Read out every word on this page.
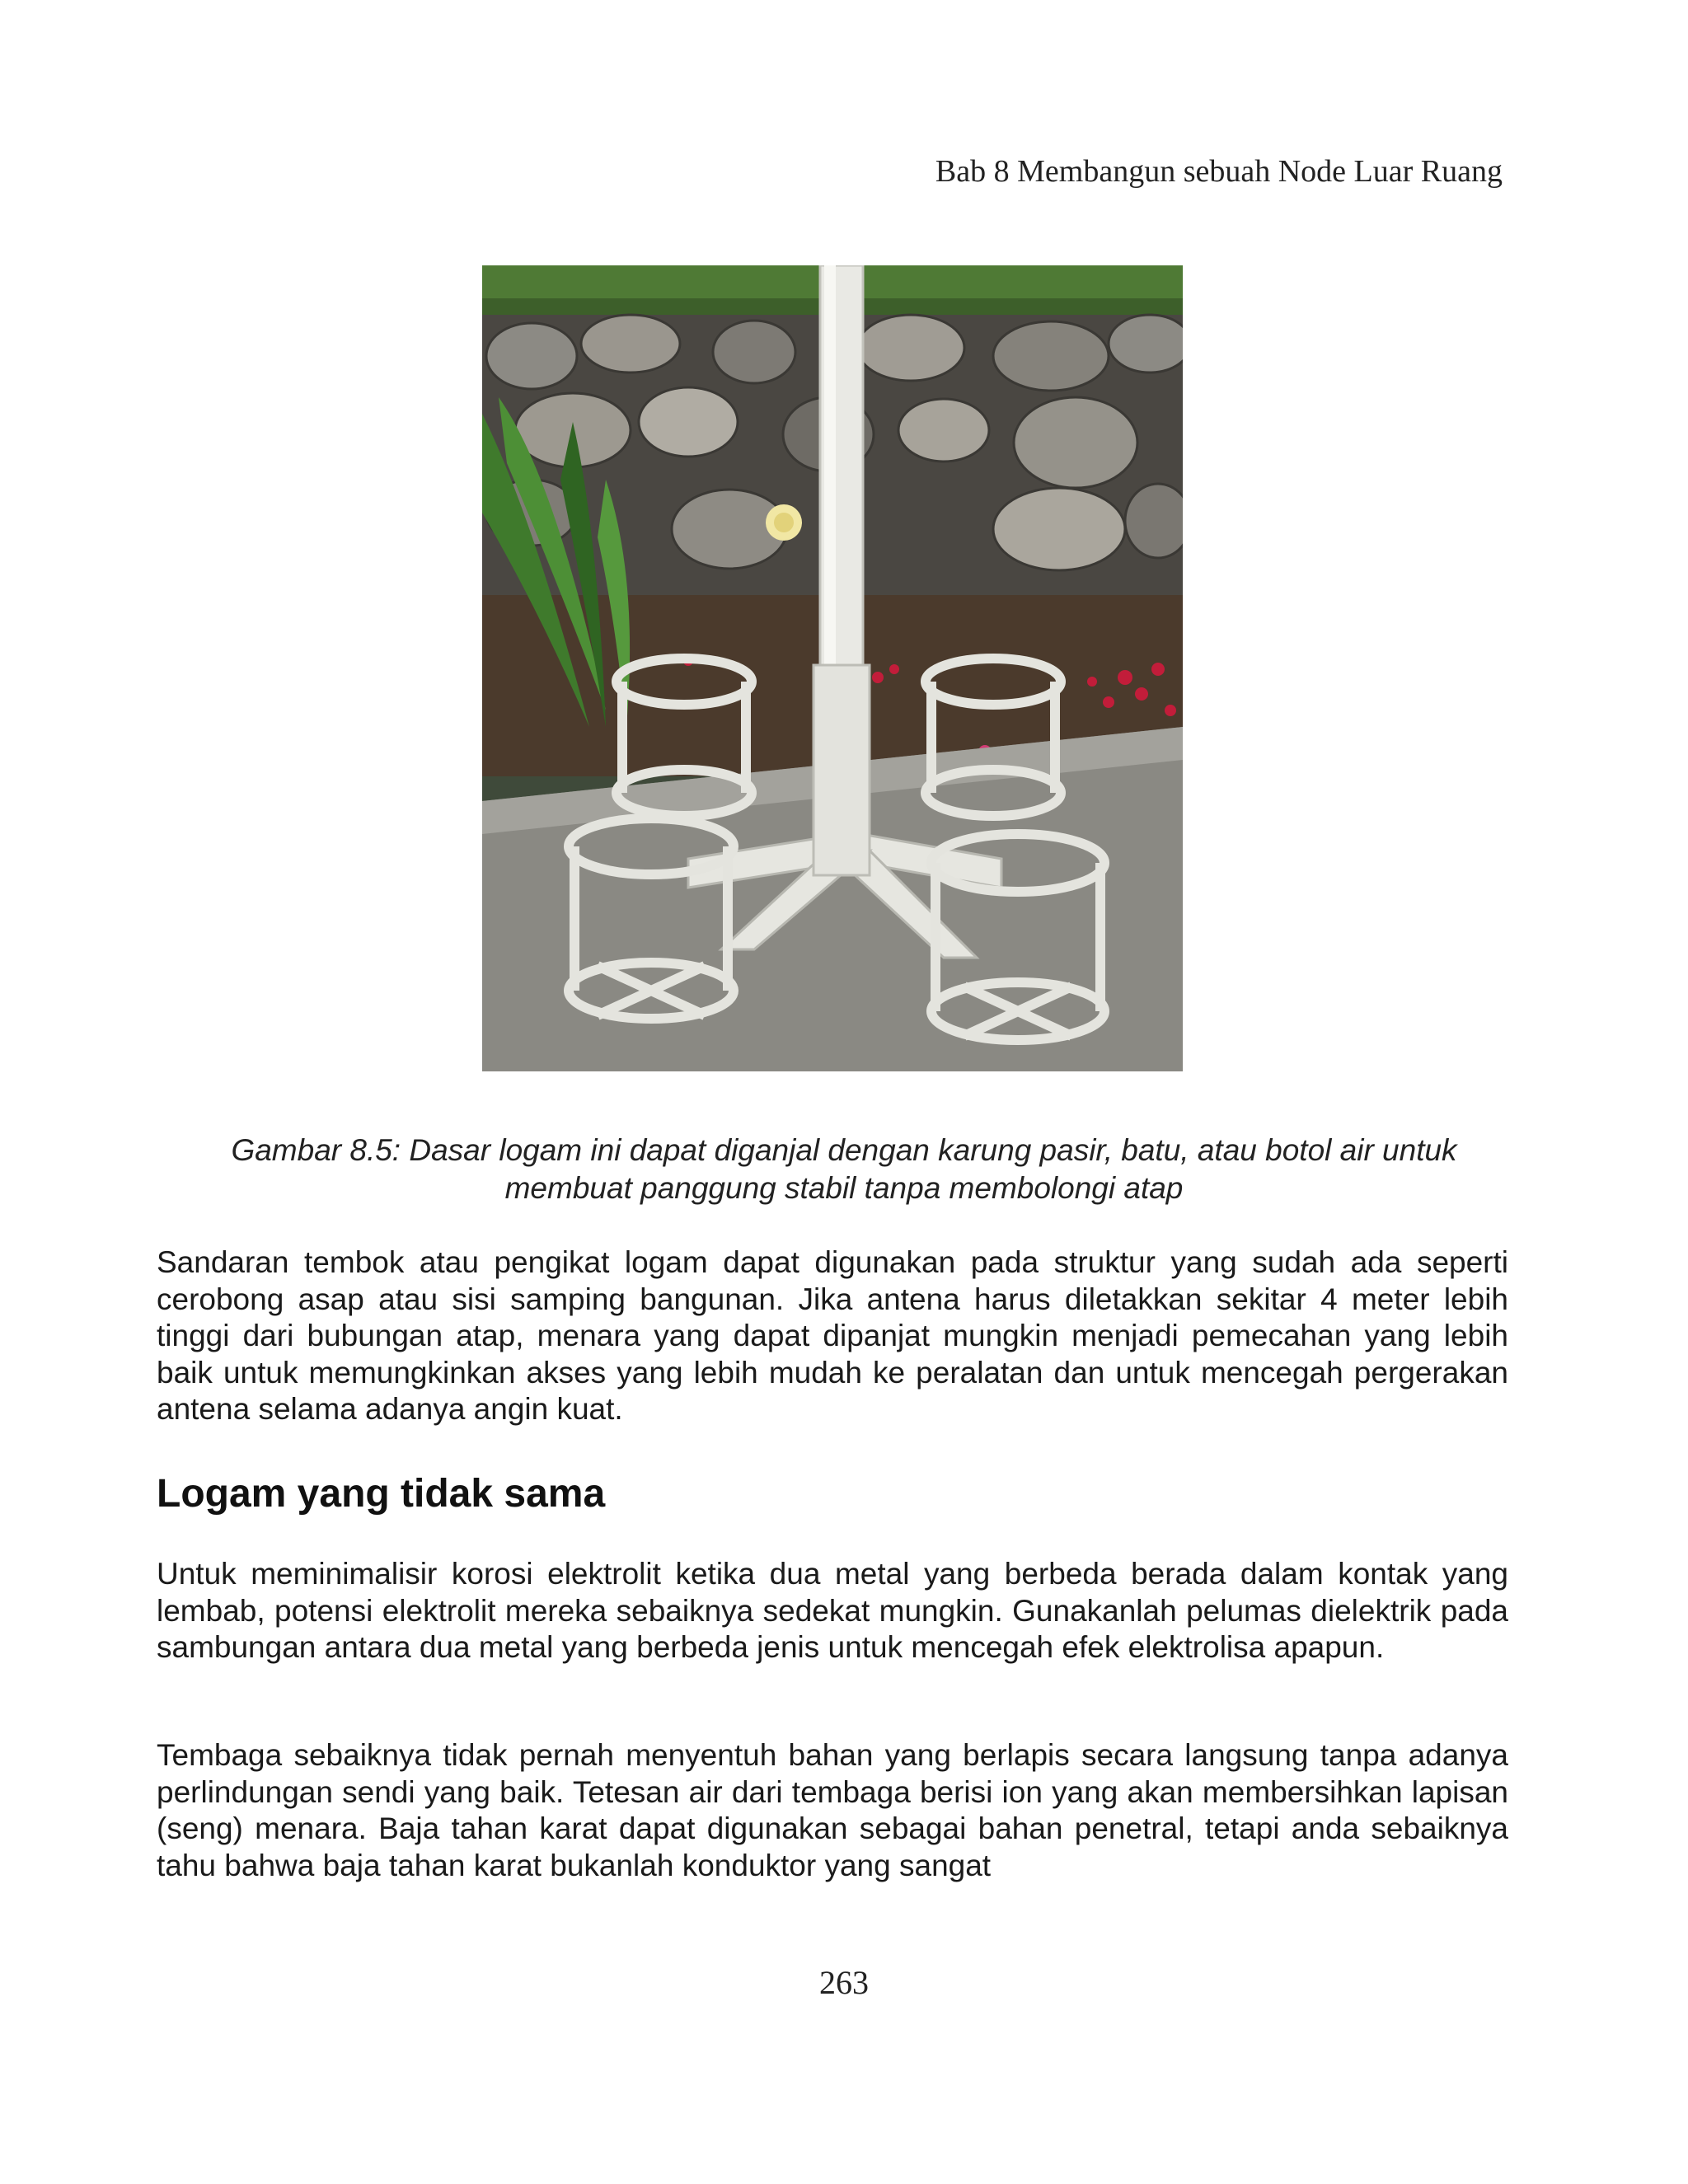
Bab 8 Membangun sebuah Node Luar Ruang
Gambar 8.5: Dasar logam ini dapat diganjal dengan karung pasir, batu, atau botol air untuk
membuat panggung stabil tanpa membolongi atap
Sandaran tembok atau pengikat logam dapat digunakan pada struktur yang sudah ada seperti cerobong asap atau sisi samping bangunan. Jika antena harus diletakkan sekitar 4 meter lebih tinggi dari bubungan atap, menara yang dapat dipanjat mungkin menjadi pemecahan yang lebih baik untuk memungkinkan akses yang lebih mudah ke peralatan dan untuk mencegah pergerakan antena selama adanya angin kuat.
Logam yang tidak sama
Untuk meminimalisir korosi elektrolit ketika dua metal yang berbeda berada dalam kontak yang lembab, potensi elektrolit mereka sebaiknya sedekat mungkin. Gunakanlah pelumas dielektrik pada sambungan antara dua metal yang berbeda jenis untuk mencegah efek elektrolisa apapun.
Tembaga sebaiknya tidak pernah menyentuh bahan yang berlapis secara langsung tanpa adanya perlindungan sendi yang baik. Tetesan air dari tembaga berisi ion yang akan membersihkan lapisan (seng) menara. Baja tahan karat dapat digunakan sebagai bahan penetral, tetapi anda sebaiknya tahu bahwa baja tahan karat bukanlah konduktor yang sangat
263
